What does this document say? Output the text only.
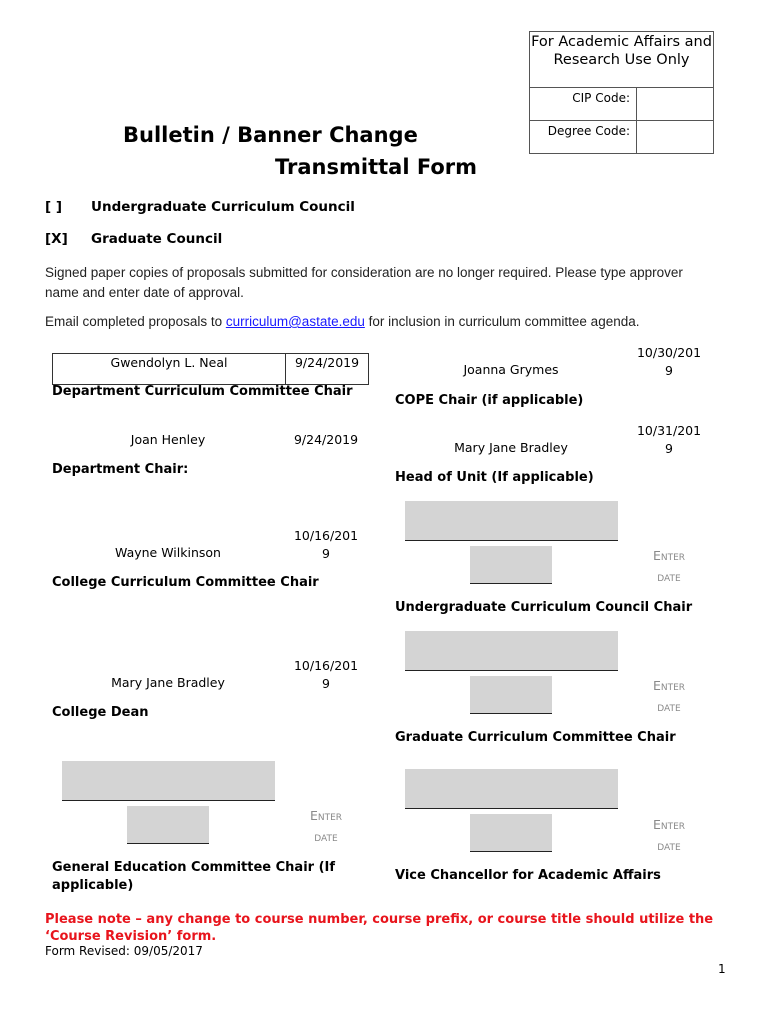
For Academic Affairs and Research Use Only
CIP Code:
Degree Code:
Bulletin / Banner Change
Transmittal Form
[ ] Undergraduate Curriculum Council
[X] Graduate Council
Signed paper copies of proposals submitted for consideration are no longer required. Please type approver name and enter date of approval.
Email completed proposals to curriculum@astate.edu for inclusion in curriculum committee agenda.
Gwendolyn L. Neal	9/24/2019
Department Curriculum Committee Chair
Joan Henley	9/24/2019
Department Chair:
Wayne Wilkinson
10/16/201
9
College Curriculum Committee Chair
Mary Jane Bradley
10/16/201
9
College Dean
Enter
date
General Education Committee Chair (If applicable)
Joanna Grymes
10/30/201
9
COPE Chair (if applicable)
Mary Jane Bradley
10/31/201
9
Head of Unit (If applicable)
Enter
date
Undergraduate Curriculum Council Chair
Enter
date
Graduate Curriculum Committee Chair
Enter
date
Vice Chancellor for Academic Affairs
Please note – any change to course number, course prefix, or course title should utilize the ‘Course Revision’ form.
Form Revised: 09/05/2017
1
